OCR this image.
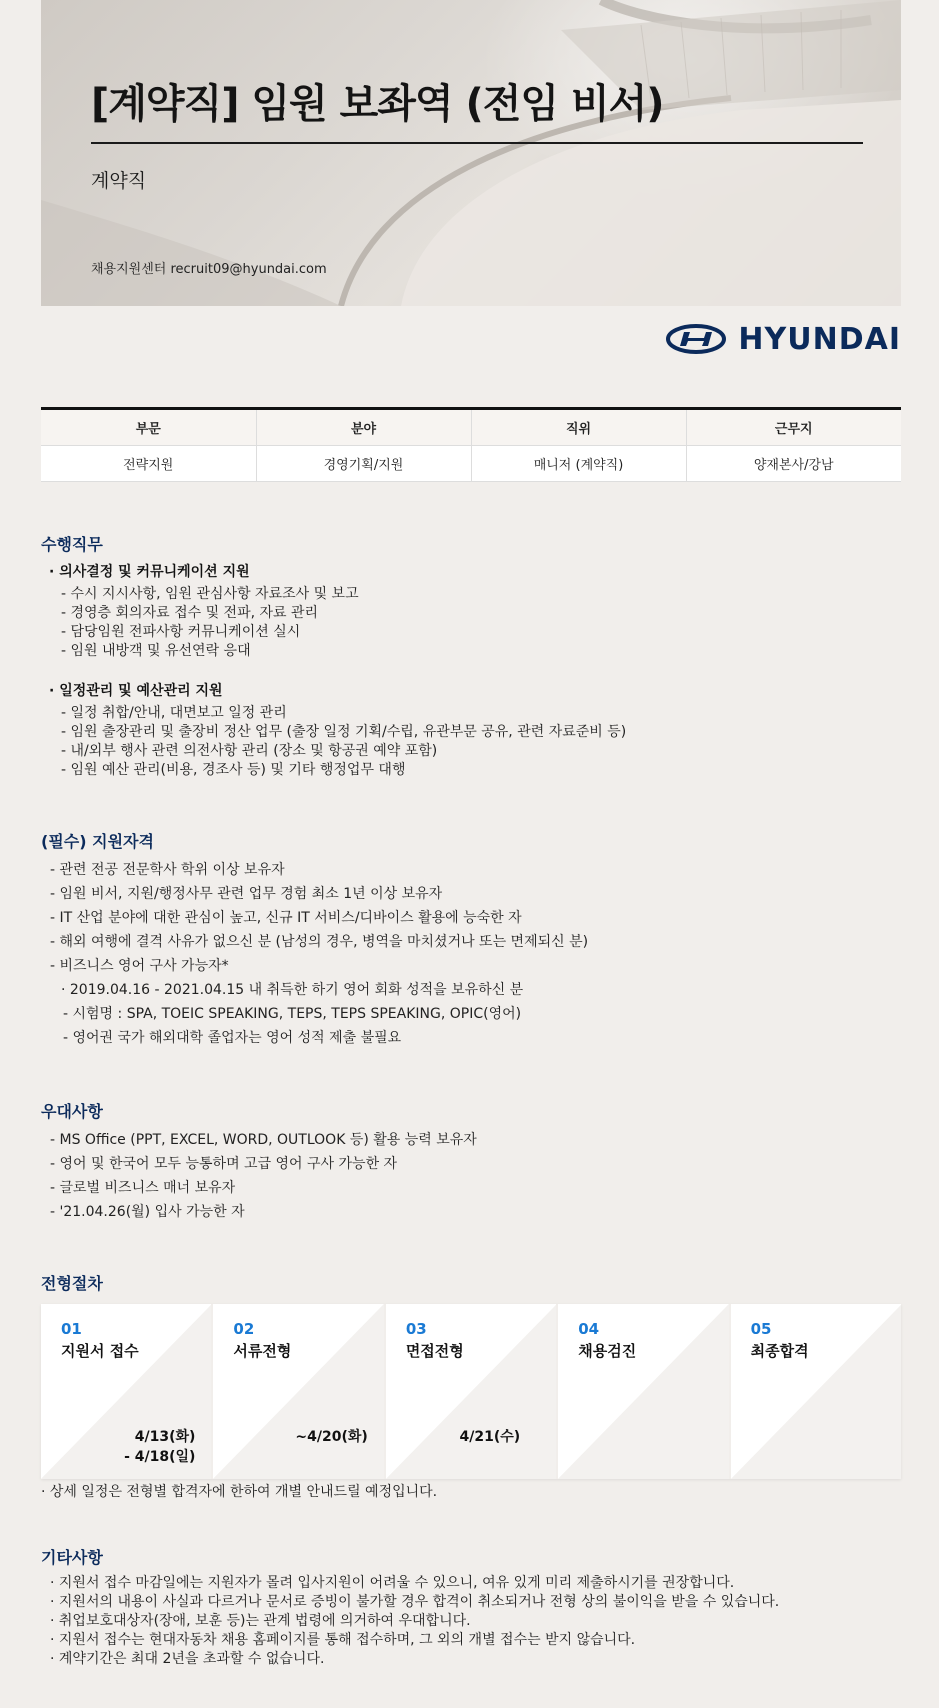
[계약직] 임원 보좌역 (전임 비서)
계약직
채용지원센터 recruit09@hyundai.com
HYUNDAI
부문	분야	직위	근무지
전략지원	경영기획/지원	매니저 (계약직)	양재본사/강남
수행직무
· 의사결정 및 커뮤니케이션 지원
- 수시 지시사항, 임원 관심사항 자료조사 및 보고
- 경영층 회의자료 접수 및 전파, 자료 관리
- 담당임원 전파사항 커뮤니케이션 실시
- 임원 내방객 및 유선연락 응대
· 일정관리 및 예산관리 지원
- 일정 취합/안내, 대면보고 일정 관리
- 임원 출장관리 및 출장비 정산 업무 (출장 일정 기획/수립, 유관부문 공유, 관련 자료준비 등)
- 내/외부 행사 관련 의전사항 관리 (장소 및 항공권 예약 포함)
- 임원 예산 관리(비용, 경조사 등) 및 기타 행정업무 대행
(필수) 지원자격
- 관련 전공 전문학사 학위 이상 보유자
- 임원 비서, 지원/행정사무 관련 업무 경험 최소 1년 이상 보유자
- IT 산업 분야에 대한 관심이 높고, 신규 IT 서비스/디바이스 활용에 능숙한 자
- 해외 여행에 결격 사유가 없으신 분 (남성의 경우, 병역을 마치셨거나 또는 면제되신 분)
- 비즈니스 영어 구사 가능자*
· 2019.04.16 - 2021.04.15 내 취득한 하기 영어 회화 성적을 보유하신 분
- 시험명 : SPA, TOEIC SPEAKING, TEPS, TEPS SPEAKING, OPIC(영어)
- 영어권 국가 해외대학 졸업자는 영어 성적 제출 불필요
우대사항
- MS Office (PPT, EXCEL, WORD, OUTLOOK 등) 활용 능력 보유자
- 영어 및 한국어 모두 능통하며 고급 영어 구사 가능한 자
- 글로벌 비즈니스 매너 보유자
- '21.04.26(월) 입사 가능한 자
전형절차
01
지원서 접수
4/13(화)
- 4/18(일)
02
서류전형
~4/20(화)
03
면접전형
4/21(수)
04
채용검진
05
최종합격
· 상세 일정은 전형별 합격자에 한하여 개별 안내드릴 예정입니다.
기타사항
· 지원서 접수 마감일에는 지원자가 몰려 입사지원이 어려울 수 있으니, 여유 있게 미리 제출하시기를 권장합니다.
· 지원서의 내용이 사실과 다르거나 문서로 증빙이 불가할 경우 합격이 취소되거나 전형 상의 불이익을 받을 수 있습니다.
· 취업보호대상자(장애, 보훈 등)는 관계 법령에 의거하여 우대합니다.
· 지원서 접수는 현대자동차 채용 홈페이지를 통해 접수하며, 그 외의 개별 접수는 받지 않습니다.
· 계약기간은 최대 2년을 초과할 수 없습니다.
